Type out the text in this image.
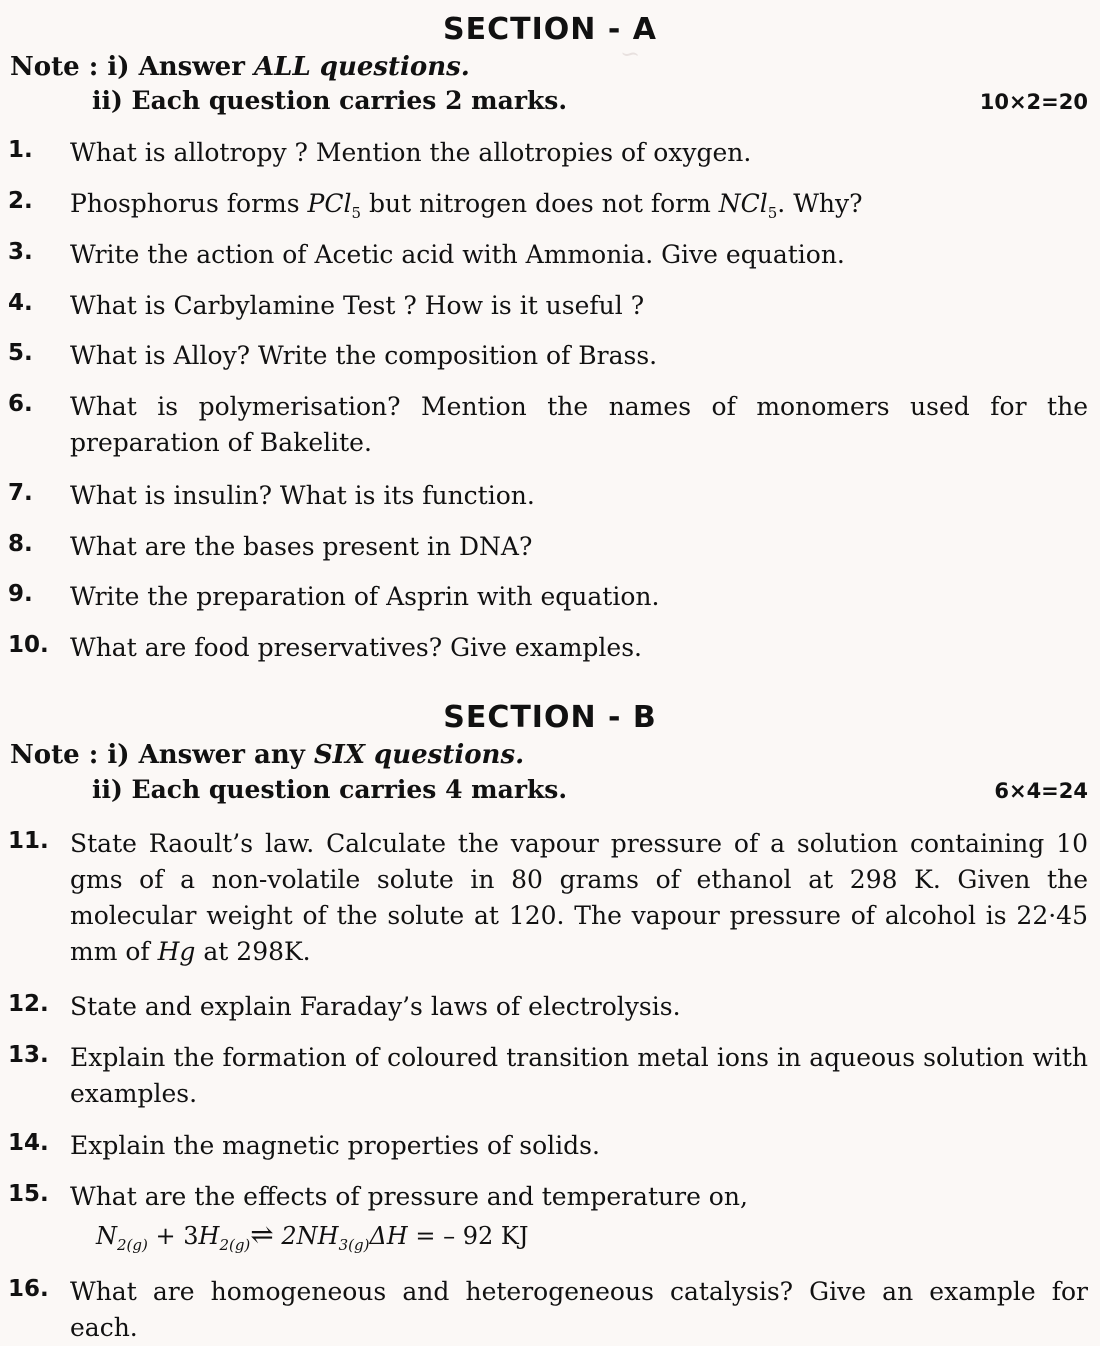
~
SECTION - A
Note : i) Answer ALL questions.
ii) Each question carries 2 marks.	10×2=20
1.	What is allotropy ? Mention the allotropies of oxygen.
2.	Phosphorus forms PCl$_5$ but nitrogen does not form NCl$_5$. Why?
3.	Write the action of Acetic acid with Ammonia. Give equation.
4.	What is Carbylamine Test ? How is it useful ?
5.	What is Alloy? Write the composition of Brass.
6.	What is polymerisation? Mention the names of monomers used for the preparation of Bakelite.
7.	What is insulin? What is its function.
8.	What are the bases present in DNA?
9.	Write the preparation of Asprin with equation.
10. What are food preservatives? Give examples.
SECTION - B
Note : i) Answer any SIX questions.
ii) Each question carries 4 marks.	6×4=24
11. State Raoult’s law. Calculate the vapour pressure of a solution containing 10 gms of a non-volatile solute in 80 grams of ethanol at 298 K. Given the molecular weight of the solute at 120. The vapour pressure of alcohol is 22·45 mm of Hg at 298K.
12. State and explain Faraday’s laws of electrolysis.
13. Explain the formation of coloured transition metal ions in aqueous solution with examples.
14. Explain the magnetic properties of solids.
15. What are the effects of pressure and temperature on,
$N_{2(g)}$ + $3H_{2(g)}\rightleftharpoons$ $2NH_{3(g)}\Delta H$ = – 92 KJ
16. What are homogeneous and heterogeneous catalysis? Give an example for each.
